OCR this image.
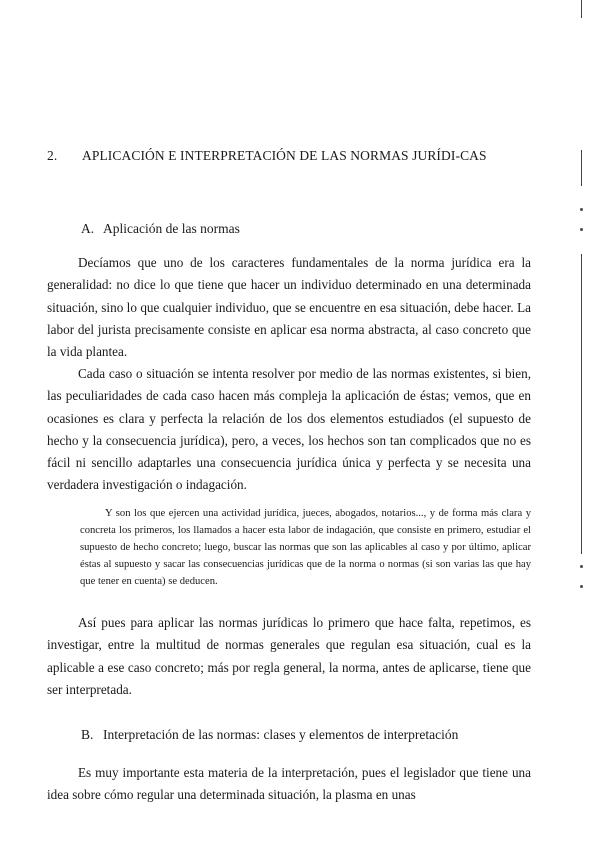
2. APLICACIÓN E INTERPRETACIÓN DE LAS NORMAS JURÍDI-CAS
A. Aplicación de las normas

Decíamos que uno de los caracteres fundamentales de la norma jurídica era la generalidad: no dice lo que tiene que hacer un individuo determinado en una determinada situación, sino lo que cualquier individuo, que se encuentre en esa situación, debe hacer. La labor del jurista precisamente consiste en aplicar esa norma abstracta, al caso concreto que la vida plantea.

Cada caso o situación se intenta resolver por medio de las normas existentes, si bien, las peculiaridades de cada caso hacen más compleja la aplicación de éstas; vemos, que en ocasiones es clara y perfecta la relación de los dos elementos estudiados (el supuesto de hecho y la consecuencia jurídica), pero, a veces, los hechos son tan complicados que no es fácil ni sencillo adaptarles una consecuencia jurídica única y perfecta y se necesita una verdadera investigación o indagación.

Y son los que ejercen una actividad jurídica, jueces, abogados, notarios..., y de forma más clara y concreta los primeros, los llamados a hacer esta labor de indagación, que consiste en primero, estudiar el supuesto de hecho concreto; luego, buscar las normas que son las aplicables al caso y por último, aplicar éstas al supuesto y sacar las consecuencias jurídicas que de la norma o normas (si son varias las que hay que tener en cuenta) se deducen.

Así pues para aplicar las normas jurídicas lo primero que hace falta, repetimos, es investigar, entre la multitud de normas generales que regulan esa situación, cual es la aplicable a ese caso concreto; más por regla general, la norma, antes de aplicarse, tiene que ser interpretada.

B. Interpretación de las normas: clases y elementos de interpretación

Es muy importante esta materia de la interpretación, pues el legislador que tiene una idea sobre cómo regular una determinada situación, la plasma en unas
